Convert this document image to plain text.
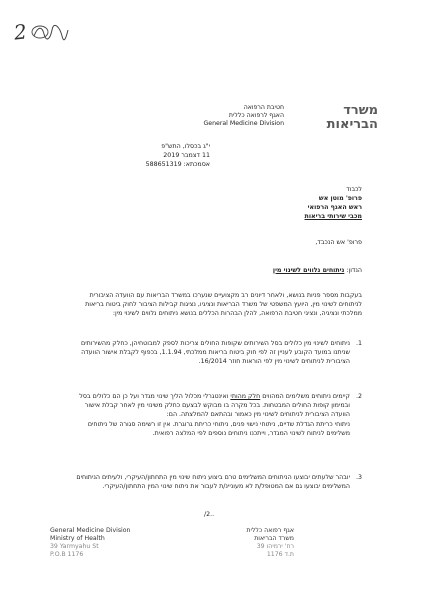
2
משרד
הבריאות
חטיבת הרפואה
האגף לרפואה כללית
General Medicine Division
י"ג בכסלו, התש"פ
11 דצמבר 2019
אסמכתא: 588651319
לכבוד
פרופ' מוטן אש
ראש האגף הרפואי
מכבי שירותי בריאות
פרופ' אש הנכבד,
הנדון: ניתוחים נלווים לשינוי מין
בעקבות מספר פניות בנושא, ולאחר דיונים רב מקצועיים שנערכו במשרד הבריאות עם הוועדה הציבורית לניתוחים לשינוי מין, היועץ המשפטי של משרד הבריאות ונציגיו, נציגות קבילות הציבור לחוק ביטוח בריאות ממלכתי ונציגיה, ונציגי חטיבת הרפואה, להלן הבהרות הכללים בנושא ניתוחים נלווים לשינוי מין:
1.
ניתוחים לשינוי מין כלולים בסל השירותים שקופות החולים צריכות לספק למבוטחיהן, כחלק מהשירותים שניתנו במועד הקובע לעניין זה לפי חוק ביטוח בריאות ממלכתי, 1.1.94, בכפוף לקבלת אישור הוועדה הציבורית לניתוחים לשינוי מין לפי הוראות חוזר 16/2014.
2.
קיימים ניתוחים משלימים המהווים חלק מהותי ואינטגרלי מכלול הליך שינוי מגדר ועל כן הם כלולים בסל ובמימון קופות החולים המבטחות. בכל מקרה בו מבוקש לבצעם כחלק משינוי מין לאחר קבלת אישור הוועדה הציבורית לניתוחים לשינוי מין כאמור ובהתאם להמלצתה. הם:
ניתוחי כריתת הגדלת שדיים, ניתוחי נישוי פנים, ניתוחי כריתת גרוגרת. אין זו רשימה סגורה של ניתוחים משלימים לניתוח לשינוי המגדר, וייתכנו ניתוחים נוספים לפי המלצה רפואית.
3.
יובהר שלעתים יבוצעו הניתוחים המשלימים טרם ביצוע ניתוח שינוי מין התחתון/העיקרי, ולעיתים הניתוחים המשלימים יבוצעו גם אם המטופל/ת לא מעוניינ/ת לעבור את ניתוח שינוי המין התחתון/העיקרי.
/2..
General Medicine Division
Ministry of Health
39 Yarmyahu St
P.O.B 1176
אגף רפואה כללית
משרד הבריאות
רח' ירמיהו 39
ת.ד 1176
